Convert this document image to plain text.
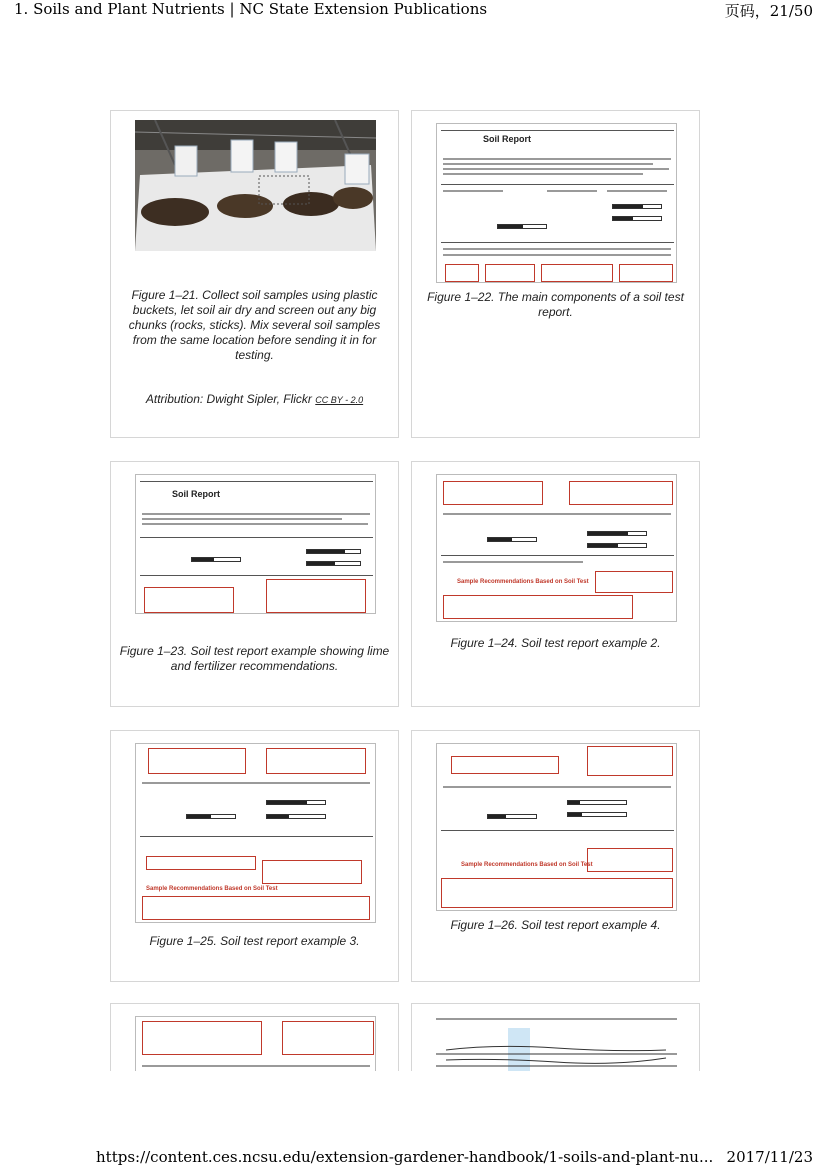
1. Soils and Plant Nutrients | NC State Extension Publications	页码，21/50
Figure 1–21. Collect soil samples using plastic buckets, let soil air dry and screen out any big chunks (rocks, sticks). Mix several soil samples from the same location before sending it in for testing.
Attribution: Dwight Sipler, Flickr CC BY - 2.0
Soil Report
Figure 1–22. The main components of a soil test report.
Soil Report
Figure 1–23. Soil test report example showing lime and fertilizer recommendations.
Sample Recommendations Based on Soil Test
Figure 1–24. Soil test report example 2.
Sample Recommendations Based on Soil Test
Figure 1–25. Soil test report example 3.
Sample Recommendations Based on Soil Test
Figure 1–26. Soil test report example 4.
https://content.ces.ncsu.edu/extension-gardener-handbook/1-soils-and-plant-nu... 2017/11/23
